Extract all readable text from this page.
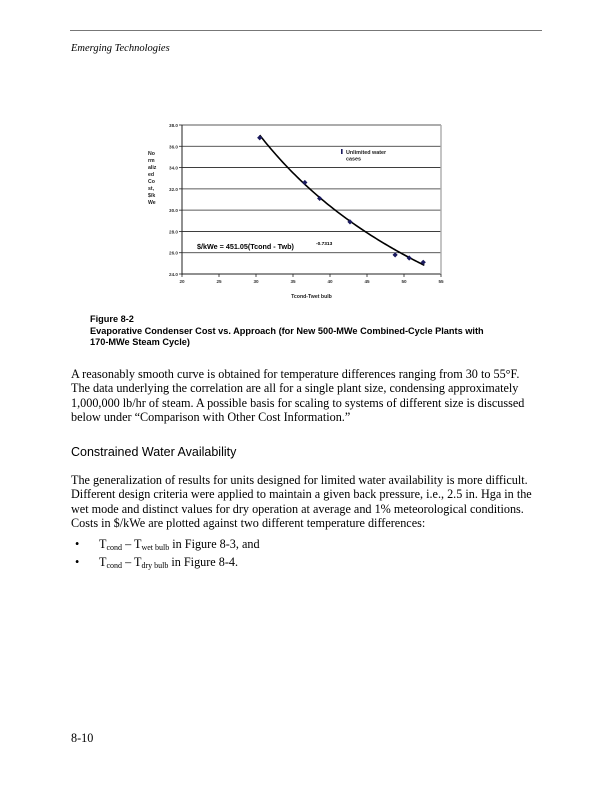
Emerging Technologies
38.0
36.0
34.0
32.0
30.0
28.0
26.0
24.0
20	25	30	35	40	45	50	55
Tcond-Twet bulb
No
rm
aliz
ed
Co
st,
$/k
We
Unlimited water
cases
$/kWe = 451.05(Tcond - Twb)	-0.7313
Figure 8-2
Evaporative Condenser Cost vs. Approach (for New 500-MWe Combined-Cycle Plants with
170-MWe Steam Cycle)
A reasonably smooth curve is obtained for temperature differences ranging from 30 to 55°F. The data underlying the correlation are all for a single plant size, condensing approximately 1,000,000 lb/hr of steam. A possible basis for scaling to systems of different size is discussed below under “Comparison with Other Cost Information.”
Constrained Water Availability
The generalization of results for units designed for limited water availability is more difficult. Different design criteria were applied to maintain a given back pressure, i.e., 2.5 in. Hga in the wet mode and distinct values for dry operation at average and 1% meteorological conditions. Costs in $/kWe are plotted against two different temperature differences:
•	$T_{cond} - T_{wet bulb}$ in Figure 8-3, and
•	$T_{cond} - T_{dry bulb}$ in Figure 8-4.
8-10
